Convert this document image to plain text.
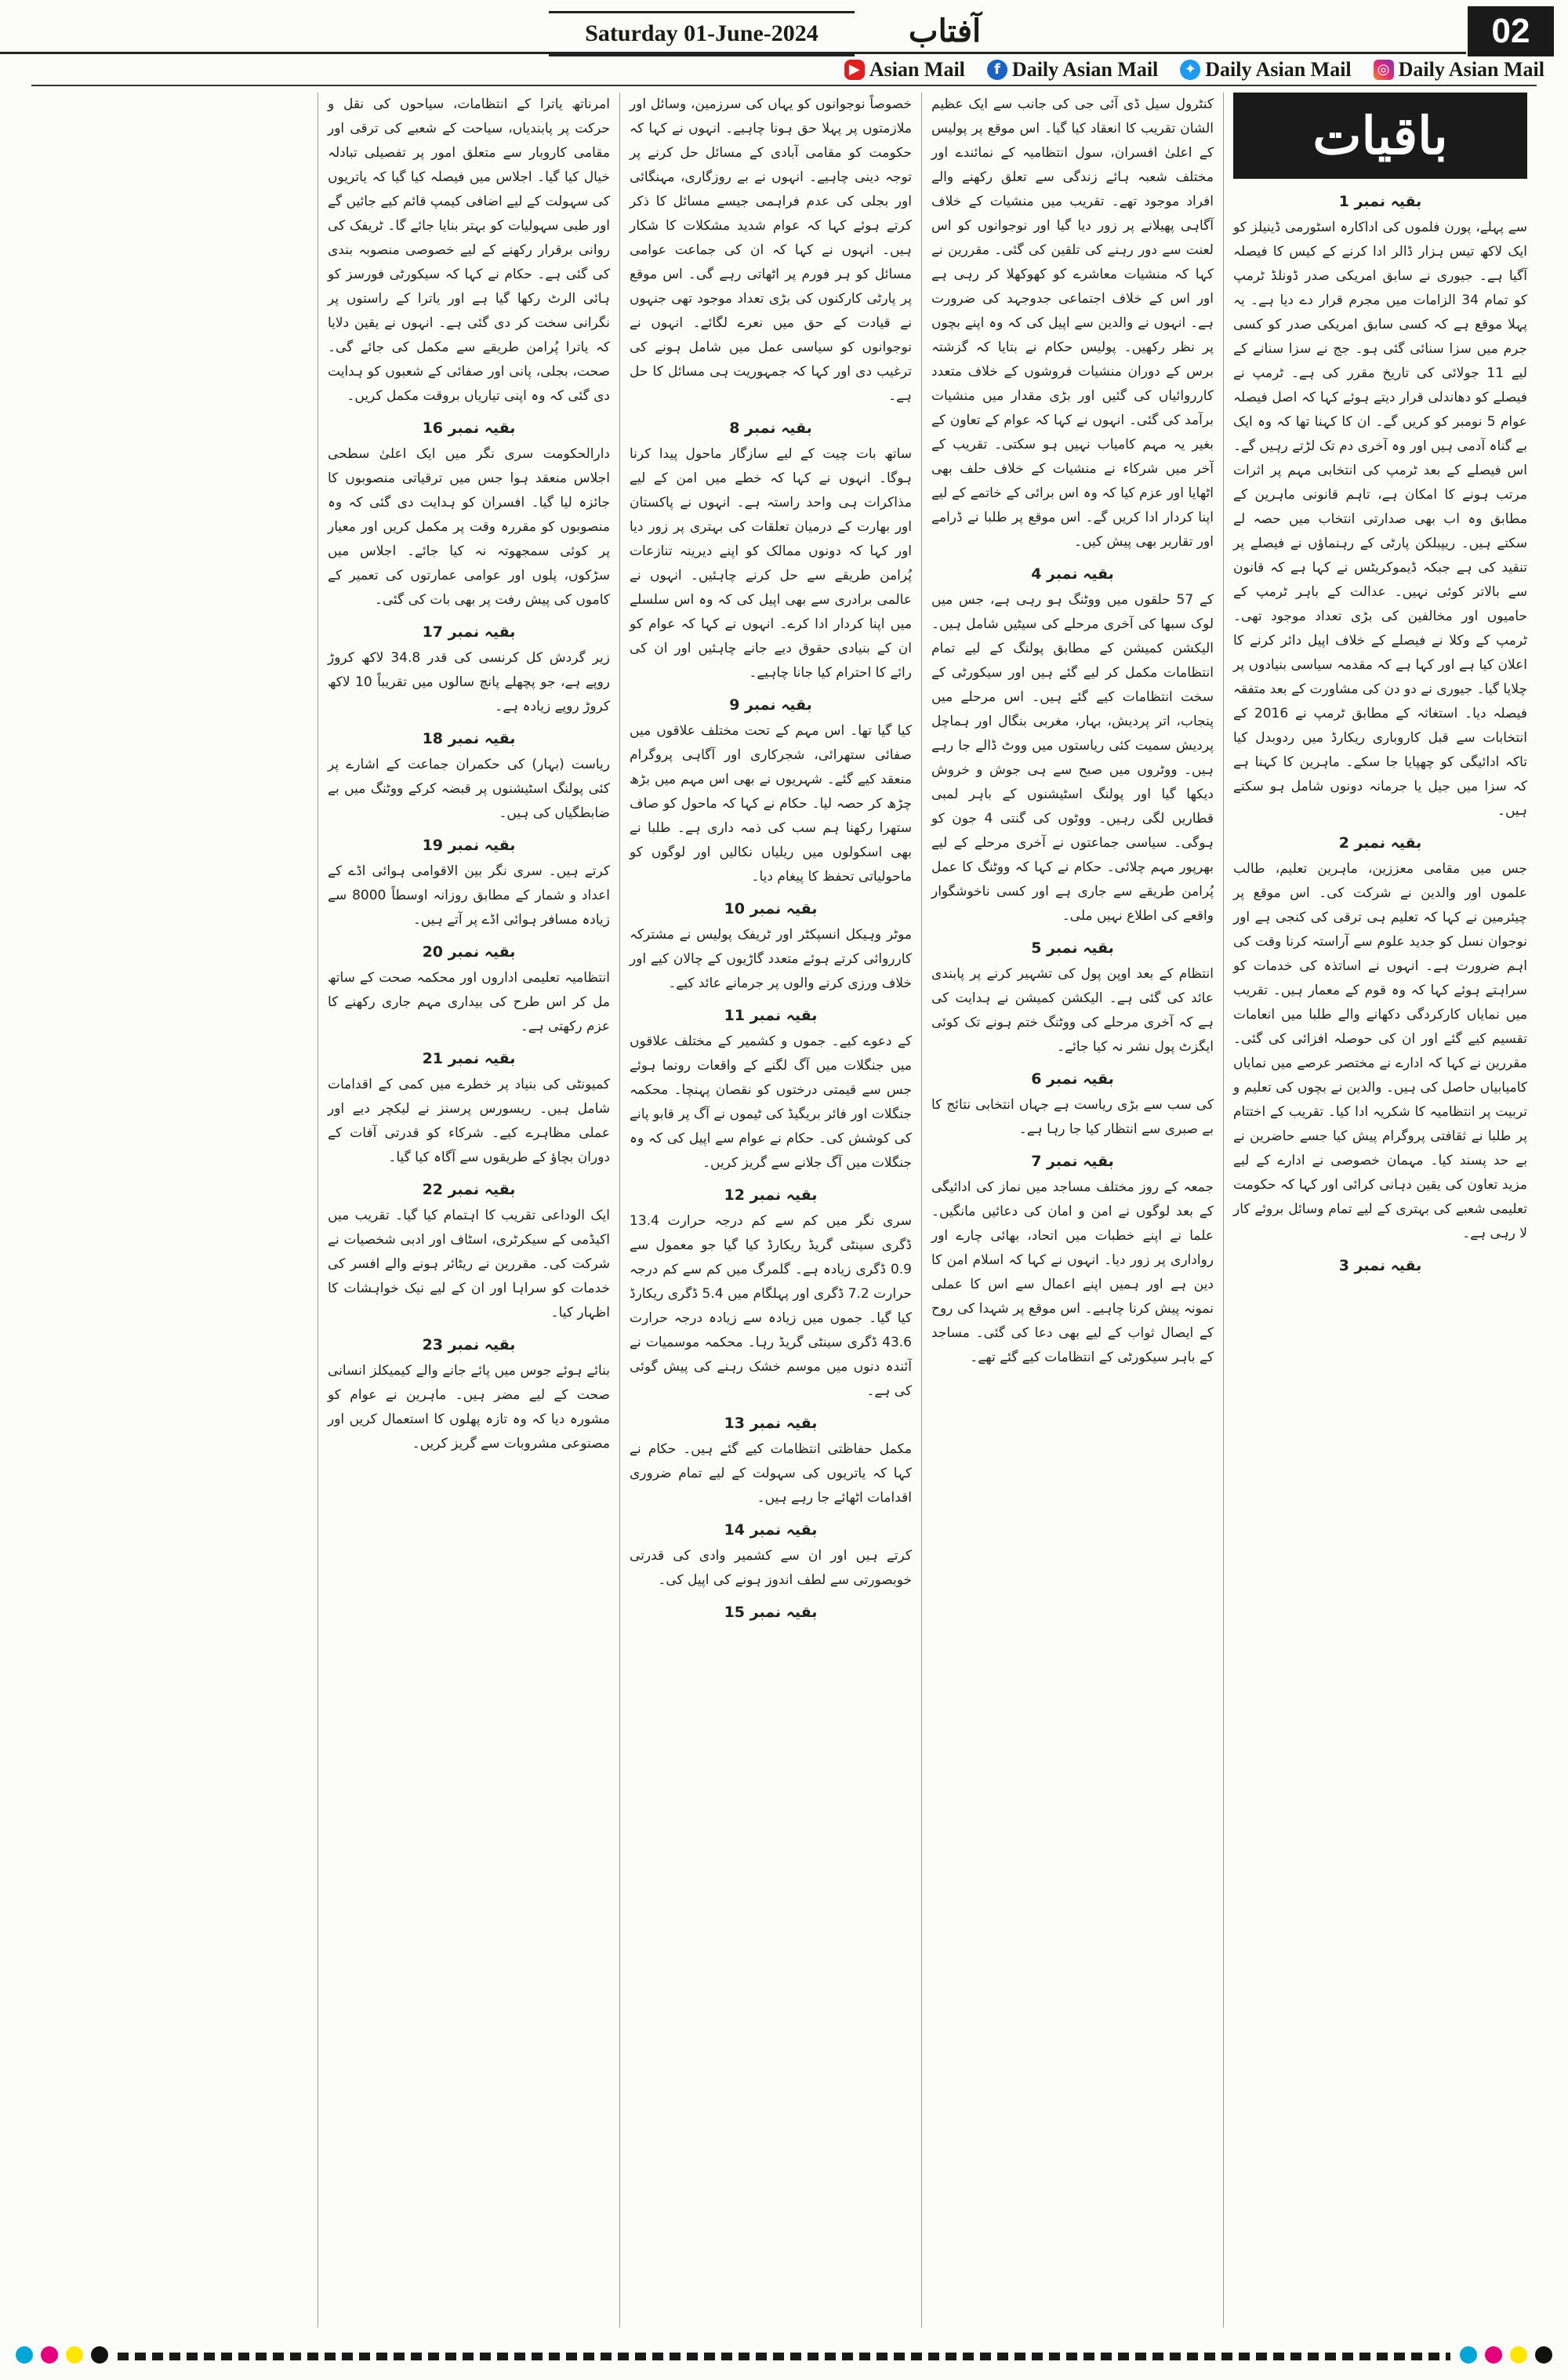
Saturday 01-June-2024	آفتاب	02
▶ Asian Mail	f Daily Asian Mail	✦ Daily Asian Mail ◎ Daily Asian Mail

امرناتھ یاترا کے انتظامات، سیاحوں کی نقل و حرکت پر پابندیاں، سیاحت کے شعبے کی ترقی اور مقامی کاروبار سے متعلق امور پر تفصیلی تبادلہ خیال کیا گیا۔ اجلاس میں فیصلہ کیا گیا کہ یاتریوں کی سہولت کے لیے اضافی کیمپ قائم کیے جائیں گے اور طبی سہولیات کو بہتر بنایا جائے گا۔ ٹریفک کی روانی برقرار رکھنے کے لیے خصوصی منصوبہ بندی کی گئی ہے۔ حکام نے کہا کہ سیکورٹی فورسز کو ہائی الرٹ رکھا گیا ہے اور یاترا کے راستوں پر نگرانی سخت کر دی گئی ہے۔ انہوں نے یقین دلایا کہ یاترا پُرامن طریقے سے مکمل کی جائے گی۔ صحت، بجلی، پانی اور صفائی کے شعبوں کو ہدایت دی گئی کہ وہ اپنی تیاریاں بروقت مکمل کریں۔

بقیہ نمبر 16

دارالحکومت سری نگر میں ایک اعلیٰ سطحی اجلاس منعقد ہوا جس میں ترقیاتی منصوبوں کا جائزہ لیا گیا۔ افسران کو ہدایت دی گئی کہ وہ منصوبوں کو مقررہ وقت پر مکمل کریں اور معیار پر کوئی سمجھوتہ نہ کیا جائے۔ اجلاس میں سڑکوں، پلوں اور عوامی عمارتوں کی تعمیر کے کاموں کی پیش رفت پر بھی بات کی گئی۔

بقیہ نمبر 17

زیر گردش کل کرنسی کی قدر 34.8 لاکھ کروڑ روپے ہے، جو پچھلے پانچ سالوں میں تقریباً 10 لاکھ کروڑ روپے زیادہ ہے۔

بقیہ نمبر 18

ریاست (بہار) کی حکمران جماعت کے اشارے پر کئی پولنگ اسٹیشنوں پر قبضہ کرکے ووٹنگ میں بے ضابطگیاں کی ہیں۔

بقیہ نمبر 19

کرتے ہیں۔ سری نگر بین الاقوامی ہوائی اڈے کے اعداد و شمار کے مطابق روزانہ اوسطاً 8000 سے زیادہ مسافر ہوائی اڈے پر آتے ہیں۔

بقیہ نمبر 20

انتظامیہ تعلیمی اداروں اور محکمہ صحت کے ساتھ مل کر اس طرح کی بیداری مہم جاری رکھنے کا عزم رکھتی ہے۔

بقیہ نمبر 21

کمیونٹی کی بنیاد پر خطرے میں کمی کے اقدامات شامل ہیں۔ ریسورس پرسنز نے لیکچر دیے اور عملی مظاہرے کیے۔ شرکاء کو قدرتی آفات کے دوران بچاؤ کے طریقوں سے آگاہ کیا گیا۔

بقیہ نمبر 22

ایک الوداعی تقریب کا اہتمام کیا گیا۔ تقریب میں اکیڈمی کے سیکرٹری، اسٹاف اور ادبی شخصیات نے شرکت کی۔ مقررین نے ریٹائر ہونے والے افسر کی خدمات کو سراہا اور ان کے لیے نیک خواہشات کا اظہار کیا۔

بقیہ نمبر 23

بنائے ہوئے جوس میں پائے جانے والے کیمیکلز انسانی صحت کے لیے مضر ہیں۔ ماہرین نے عوام کو مشورہ دیا کہ وہ تازہ پھلوں کا استعمال کریں اور مصنوعی مشروبات سے گریز کریں۔

خصوصاً نوجوانوں کو یہاں کی سرزمین، وسائل اور ملازمتوں پر پہلا حق ہونا چاہیے۔ انہوں نے کہا کہ حکومت کو مقامی آبادی کے مسائل حل کرنے پر توجہ دینی چاہیے۔ انہوں نے بے روزگاری، مہنگائی اور بجلی کی عدم فراہمی جیسے مسائل کا ذکر کرتے ہوئے کہا کہ عوام شدید مشکلات کا شکار ہیں۔ انہوں نے کہا کہ ان کی جماعت عوامی مسائل کو ہر فورم پر اٹھاتی رہے گی۔ اس موقع پر پارٹی کارکنوں کی بڑی تعداد موجود تھی جنہوں نے قیادت کے حق میں نعرے لگائے۔ انہوں نے نوجوانوں کو سیاسی عمل میں شامل ہونے کی ترغیب دی اور کہا کہ جمہوریت ہی مسائل کا حل ہے۔

بقیہ نمبر 8

ساتھ بات چیت کے لیے سازگار ماحول پیدا کرنا ہوگا۔ انہوں نے کہا کہ خطے میں امن کے لیے مذاکرات ہی واحد راستہ ہے۔ انہوں نے پاکستان اور بھارت کے درمیان تعلقات کی بہتری پر زور دیا اور کہا کہ دونوں ممالک کو اپنے دیرینہ تنازعات پُرامن طریقے سے حل کرنے چاہئیں۔ انہوں نے عالمی برادری سے بھی اپیل کی کہ وہ اس سلسلے میں اپنا کردار ادا کرے۔ انہوں نے کہا کہ عوام کو ان کے بنیادی حقوق دیے جانے چاہئیں اور ان کی رائے کا احترام کیا جانا چاہیے۔

بقیہ نمبر 9

کیا گیا تھا۔ اس مہم کے تحت مختلف علاقوں میں صفائی ستھرائی، شجرکاری اور آگاہی پروگرام منعقد کیے گئے۔ شہریوں نے بھی اس مہم میں بڑھ چڑھ کر حصہ لیا۔ حکام نے کہا کہ ماحول کو صاف ستھرا رکھنا ہم سب کی ذمہ داری ہے۔ طلبا نے بھی اسکولوں میں ریلیاں نکالیں اور لوگوں کو ماحولیاتی تحفظ کا پیغام دیا۔

بقیہ نمبر 10

موٹر وہیکل انسپکٹر اور ٹریفک پولیس نے مشترکہ کارروائی کرتے ہوئے متعدد گاڑیوں کے چالان کیے اور خلاف ورزی کرنے والوں پر جرمانے عائد کیے۔

بقیہ نمبر 11

کے دعوے کیے۔ جموں و کشمیر کے مختلف علاقوں میں جنگلات میں آگ لگنے کے واقعات رونما ہوئے جس سے قیمتی درختوں کو نقصان پہنچا۔ محکمہ جنگلات اور فائر بریگیڈ کی ٹیموں نے آگ پر قابو پانے کی کوشش کی۔ حکام نے عوام سے اپیل کی کہ وہ جنگلات میں آگ جلانے سے گریز کریں۔

بقیہ نمبر 12

سری نگر میں کم سے کم درجہ حرارت 13.4 ڈگری سینٹی گریڈ ریکارڈ کیا گیا جو معمول سے 0.9 ڈگری زیادہ ہے۔ گلمرگ میں کم سے کم درجہ حرارت 7.2 ڈگری اور پہلگام میں 5.4 ڈگری ریکارڈ کیا گیا۔ جموں میں زیادہ سے زیادہ درجہ حرارت 43.6 ڈگری سینٹی گریڈ رہا۔ محکمہ موسمیات نے آئندہ دنوں میں موسم خشک رہنے کی پیش گوئی کی ہے۔

بقیہ نمبر 13

مکمل حفاظتی انتظامات کیے گئے ہیں۔ حکام نے کہا کہ یاتریوں کی سہولت کے لیے تمام ضروری اقدامات اٹھائے جا رہے ہیں۔

بقیہ نمبر 14

کرتے ہیں اور ان سے کشمیر وادی کی قدرتی خوبصورتی سے لطف اندوز ہونے کی اپیل کی۔

بقیہ نمبر 15

کنٹرول سیل ڈی آئی جی کی جانب سے ایک عظیم الشان تقریب کا انعقاد کیا گیا۔ اس موقع پر پولیس کے اعلیٰ افسران، سول انتظامیہ کے نمائندے اور مختلف شعبہ ہائے زندگی سے تعلق رکھنے والے افراد موجود تھے۔ تقریب میں منشیات کے خلاف آگاہی پھیلانے پر زور دیا گیا اور نوجوانوں کو اس لعنت سے دور رہنے کی تلقین کی گئی۔ مقررین نے کہا کہ منشیات معاشرے کو کھوکھلا کر رہی ہے اور اس کے خلاف اجتماعی جدوجہد کی ضرورت ہے۔ انہوں نے والدین سے اپیل کی کہ وہ اپنے بچوں پر نظر رکھیں۔ پولیس حکام نے بتایا کہ گزشتہ برس کے دوران منشیات فروشوں کے خلاف متعدد کارروائیاں کی گئیں اور بڑی مقدار میں منشیات برآمد کی گئی۔ انہوں نے کہا کہ عوام کے تعاون کے بغیر یہ مہم کامیاب نہیں ہو سکتی۔ تقریب کے آخر میں شرکاء نے منشیات کے خلاف حلف بھی اٹھایا اور عزم کیا کہ وہ اس برائی کے خاتمے کے لیے اپنا کردار ادا کریں گے۔ اس موقع پر طلبا نے ڈرامے اور تقاریر بھی پیش کیں۔

بقیہ نمبر 4

کے 57 حلقوں میں ووٹنگ ہو رہی ہے، جس میں لوک سبھا کی آخری مرحلے کی سیٹیں شامل ہیں۔ الیکشن کمیشن کے مطابق پولنگ کے لیے تمام انتظامات مکمل کر لیے گئے ہیں اور سیکورٹی کے سخت انتظامات کیے گئے ہیں۔ اس مرحلے میں پنجاب، اتر پردیش، بہار، مغربی بنگال اور ہماچل پردیش سمیت کئی ریاستوں میں ووٹ ڈالے جا رہے ہیں۔ ووٹروں میں صبح سے ہی جوش و خروش دیکھا گیا اور پولنگ اسٹیشنوں کے باہر لمبی قطاریں لگی رہیں۔ ووٹوں کی گنتی 4 جون کو ہوگی۔ سیاسی جماعتوں نے آخری مرحلے کے لیے بھرپور مہم چلائی۔ حکام نے کہا کہ ووٹنگ کا عمل پُرامن طریقے سے جاری ہے اور کسی ناخوشگوار واقعے کی اطلاع نہیں ملی۔

بقیہ نمبر 5

انتظام کے بعد اوپن پول کی تشہیر کرنے پر پابندی عائد کی گئی ہے۔ الیکشن کمیشن نے ہدایت کی ہے کہ آخری مرحلے کی ووٹنگ ختم ہونے تک کوئی ایگزٹ پول نشر نہ کیا جائے۔

بقیہ نمبر 6

کی سب سے بڑی ریاست ہے جہاں انتخابی نتائج کا بے صبری سے انتظار کیا جا رہا ہے۔

بقیہ نمبر 7

جمعہ کے روز مختلف مساجد میں نماز کی ادائیگی کے بعد لوگوں نے امن و امان کی دعائیں مانگیں۔ علما نے اپنے خطبات میں اتحاد، بھائی چارے اور رواداری پر زور دیا۔ انہوں نے کہا کہ اسلام امن کا دین ہے اور ہمیں اپنے اعمال سے اس کا عملی نمونہ پیش کرنا چاہیے۔ اس موقع پر شہدا کی روح کے ایصال ثواب کے لیے بھی دعا کی گئی۔ مساجد کے باہر سیکورٹی کے انتظامات کیے گئے تھے۔

باقیات
بقیہ نمبر 1

سے پہلے، پورن فلموں کی اداکارہ اسٹورمی ڈینیلز کو ایک لاکھ تیس ہزار ڈالر ادا کرنے کے کیس کا فیصلہ آگیا ہے۔ جیوری نے سابق امریکی صدر ڈونلڈ ٹرمپ کو تمام 34 الزامات میں مجرم قرار دے دیا ہے۔ یہ پہلا موقع ہے کہ کسی سابق امریکی صدر کو کسی جرم میں سزا سنائی گئی ہو۔ جج نے سزا سنانے کے لیے 11 جولائی کی تاریخ مقرر کی ہے۔ ٹرمپ نے فیصلے کو دھاندلی قرار دیتے ہوئے کہا کہ اصل فیصلہ عوام 5 نومبر کو کریں گے۔ ان کا کہنا تھا کہ وہ ایک بے گناہ آدمی ہیں اور وہ آخری دم تک لڑتے رہیں گے۔ اس فیصلے کے بعد ٹرمپ کی انتخابی مہم پر اثرات مرتب ہونے کا امکان ہے، تاہم قانونی ماہرین کے مطابق وہ اب بھی صدارتی انتخاب میں حصہ لے سکتے ہیں۔ ریپبلکن پارٹی کے رہنماؤں نے فیصلے پر تنقید کی ہے جبکہ ڈیموکریٹس نے کہا ہے کہ قانون سے بالاتر کوئی نہیں۔ عدالت کے باہر ٹرمپ کے حامیوں اور مخالفین کی بڑی تعداد موجود تھی۔ ٹرمپ کے وکلا نے فیصلے کے خلاف اپیل دائر کرنے کا اعلان کیا ہے اور کہا ہے کہ مقدمہ سیاسی بنیادوں پر چلایا گیا۔ جیوری نے دو دن کی مشاورت کے بعد متفقہ فیصلہ دیا۔ استغاثہ کے مطابق ٹرمپ نے 2016 کے انتخابات سے قبل کاروباری ریکارڈ میں ردوبدل کیا تاکہ ادائیگی کو چھپایا جا سکے۔ ماہرین کا کہنا ہے کہ سزا میں جیل یا جرمانہ دونوں شامل ہو سکتے ہیں۔

بقیہ نمبر 2

جس میں مقامی معززین، ماہرین تعلیم، طالب علموں اور والدین نے شرکت کی۔ اس موقع پر چیئرمین نے کہا کہ تعلیم ہی ترقی کی کنجی ہے اور نوجوان نسل کو جدید علوم سے آراستہ کرنا وقت کی اہم ضرورت ہے۔ انہوں نے اساتذہ کی خدمات کو سراہتے ہوئے کہا کہ وہ قوم کے معمار ہیں۔ تقریب میں نمایاں کارکردگی دکھانے والے طلبا میں انعامات تقسیم کیے گئے اور ان کی حوصلہ افزائی کی گئی۔ مقررین نے کہا کہ ادارے نے مختصر عرصے میں نمایاں کامیابیاں حاصل کی ہیں۔ والدین نے بچوں کی تعلیم و تربیت پر انتظامیہ کا شکریہ ادا کیا۔ تقریب کے اختتام پر طلبا نے ثقافتی پروگرام پیش کیا جسے حاضرین نے بے حد پسند کیا۔ مہمان خصوصی نے ادارے کے لیے مزید تعاون کی یقین دہانی کرائی اور کہا کہ حکومت تعلیمی شعبے کی بہتری کے لیے تمام وسائل بروئے کار لا رہی ہے۔

بقیہ نمبر 3
